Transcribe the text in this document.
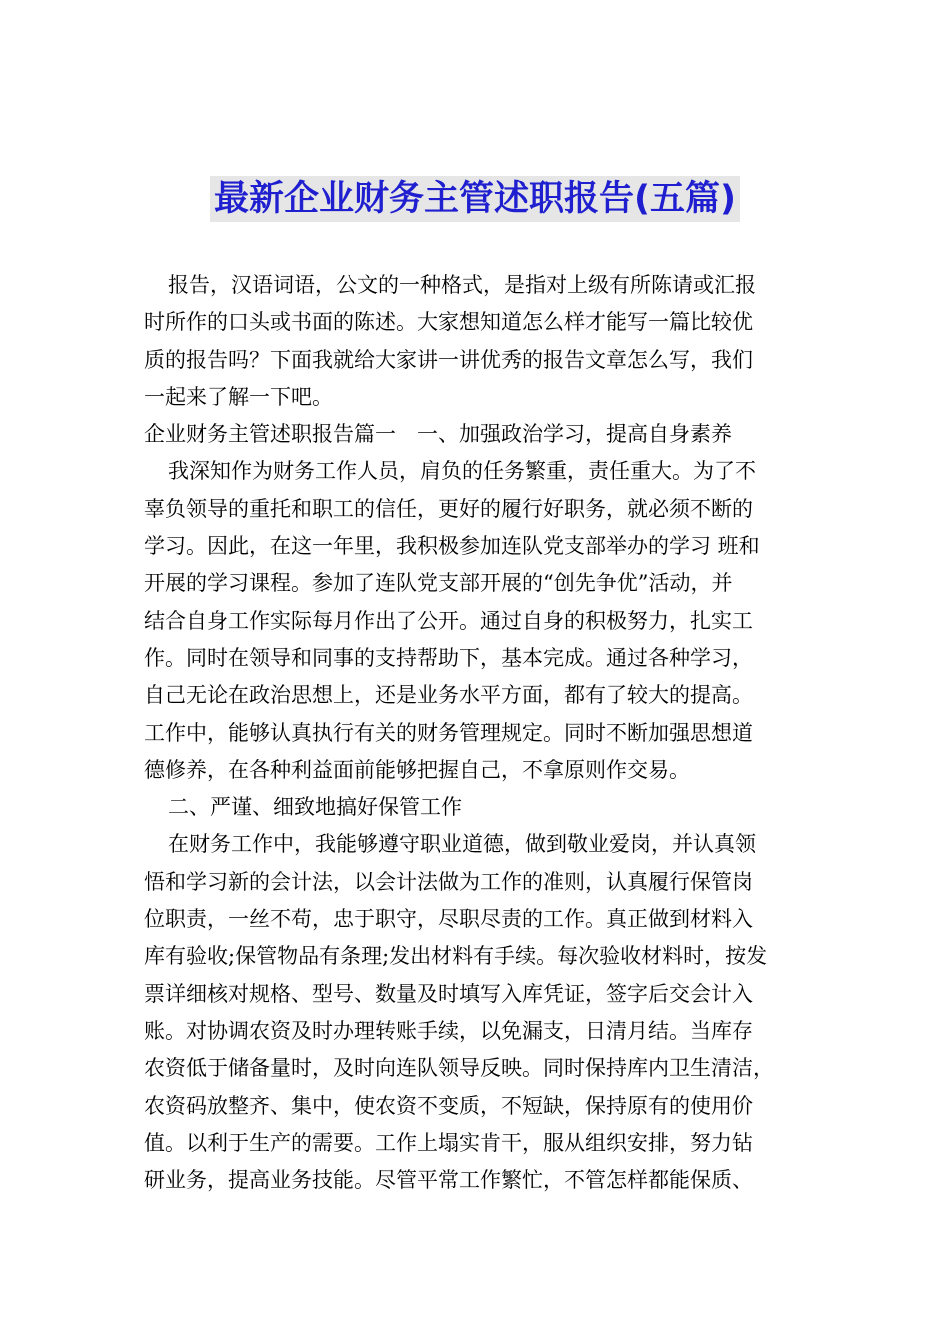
最新企业财务主管述职报告(五篇)
报告，汉语词语，公文的一种格式，是指对上级有所陈请或汇报
时所作的口头或书面的陈述。大家想知道怎么样才能写一篇比较优
质的报告吗？下面我就给大家讲一讲优秀的报告文章怎么写，我们
一起来了解一下吧。
企业财务主管述职报告篇一　一、加强政治学习，提高自身素养
我深知作为财务工作人员，肩负的任务繁重，责任重大。为了不
辜负领导的重托和职工的信任，更好的履行好职务，就必须不断的
学习。因此，在这一年里，我积极参加连队党支部举办的学习 班和
开展的学习课程。参加了连队党支部开展的“创先争优”活动，并
结合自身工作实际每月作出了公开。通过自身的积极努力，扎实工
作。同时在领导和同事的支持帮助下，基本完成。通过各种学习，
自己无论在政治思想上，还是业务水平方面，都有了较大的提高。
工作中，能够认真执行有关的财务管理规定。同时不断加强思想道
德修养，在各种利益面前能够把握自己，不拿原则作交易。
二、严谨、细致地搞好保管工作
在财务工作中，我能够遵守职业道德，做到敬业爱岗，并认真领
悟和学习新的会计法，以会计法做为工作的准则，认真履行保管岗
位职责，一丝不苟，忠于职守，尽职尽责的工作。真正做到材料入
库有验收;保管物品有条理;发出材料有手续。每次验收材料时，按发
票详细核对规格、型号、数量及时填写入库凭证，签字后交会计入
账。对协调农资及时办理转账手续，以免漏支，日清月结。当库存
农资低于储备量时，及时向连队领导反映。同时保持库内卫生清洁，
农资码放整齐、集中，使农资不变质，不短缺，保持原有的使用价
值。以利于生产的需要。工作上塌实肯干，服从组织安排，努力钻
研业务，提高业务技能。尽管平常工作繁忙，不管怎样都能保质、
